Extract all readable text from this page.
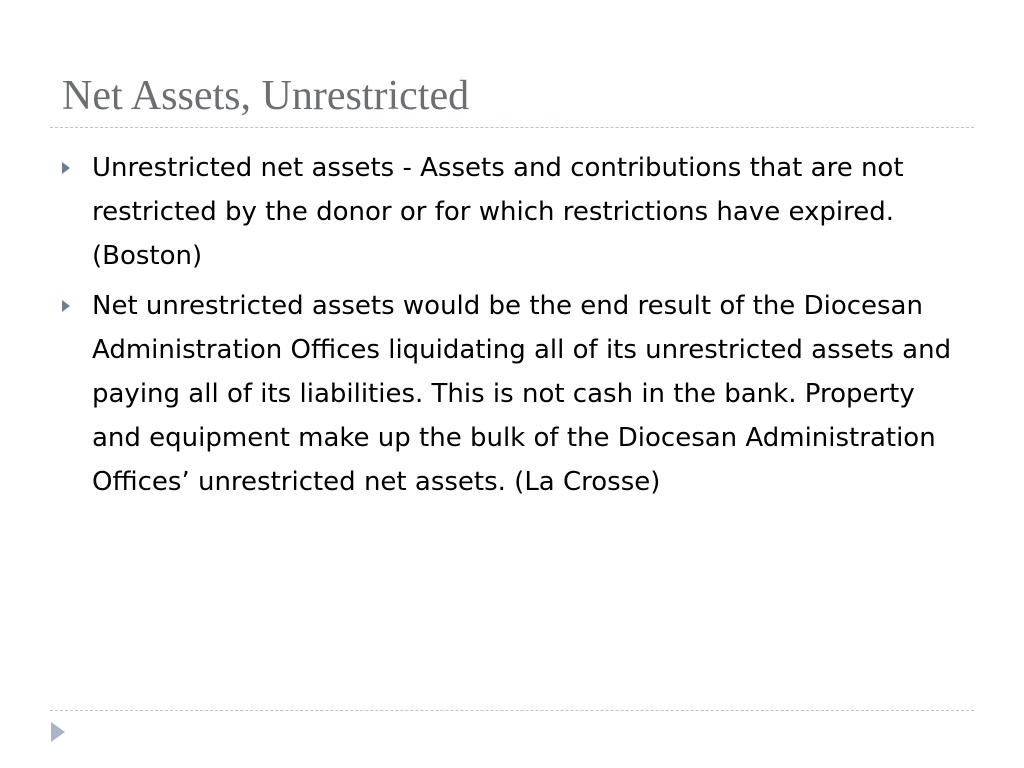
Net Assets, Unrestricted
Unrestricted net assets - Assets and contributions that are not restricted by the donor or for which restrictions have expired. (Boston)
Net unrestricted assets would be the end result of the Diocesan Administration Offices liquidating all of its unrestricted assets and paying all of its liabilities. This is not cash in the bank. Property and equipment make up the bulk of the Diocesan Administration Offices’ unrestricted net assets. (La Crosse)
